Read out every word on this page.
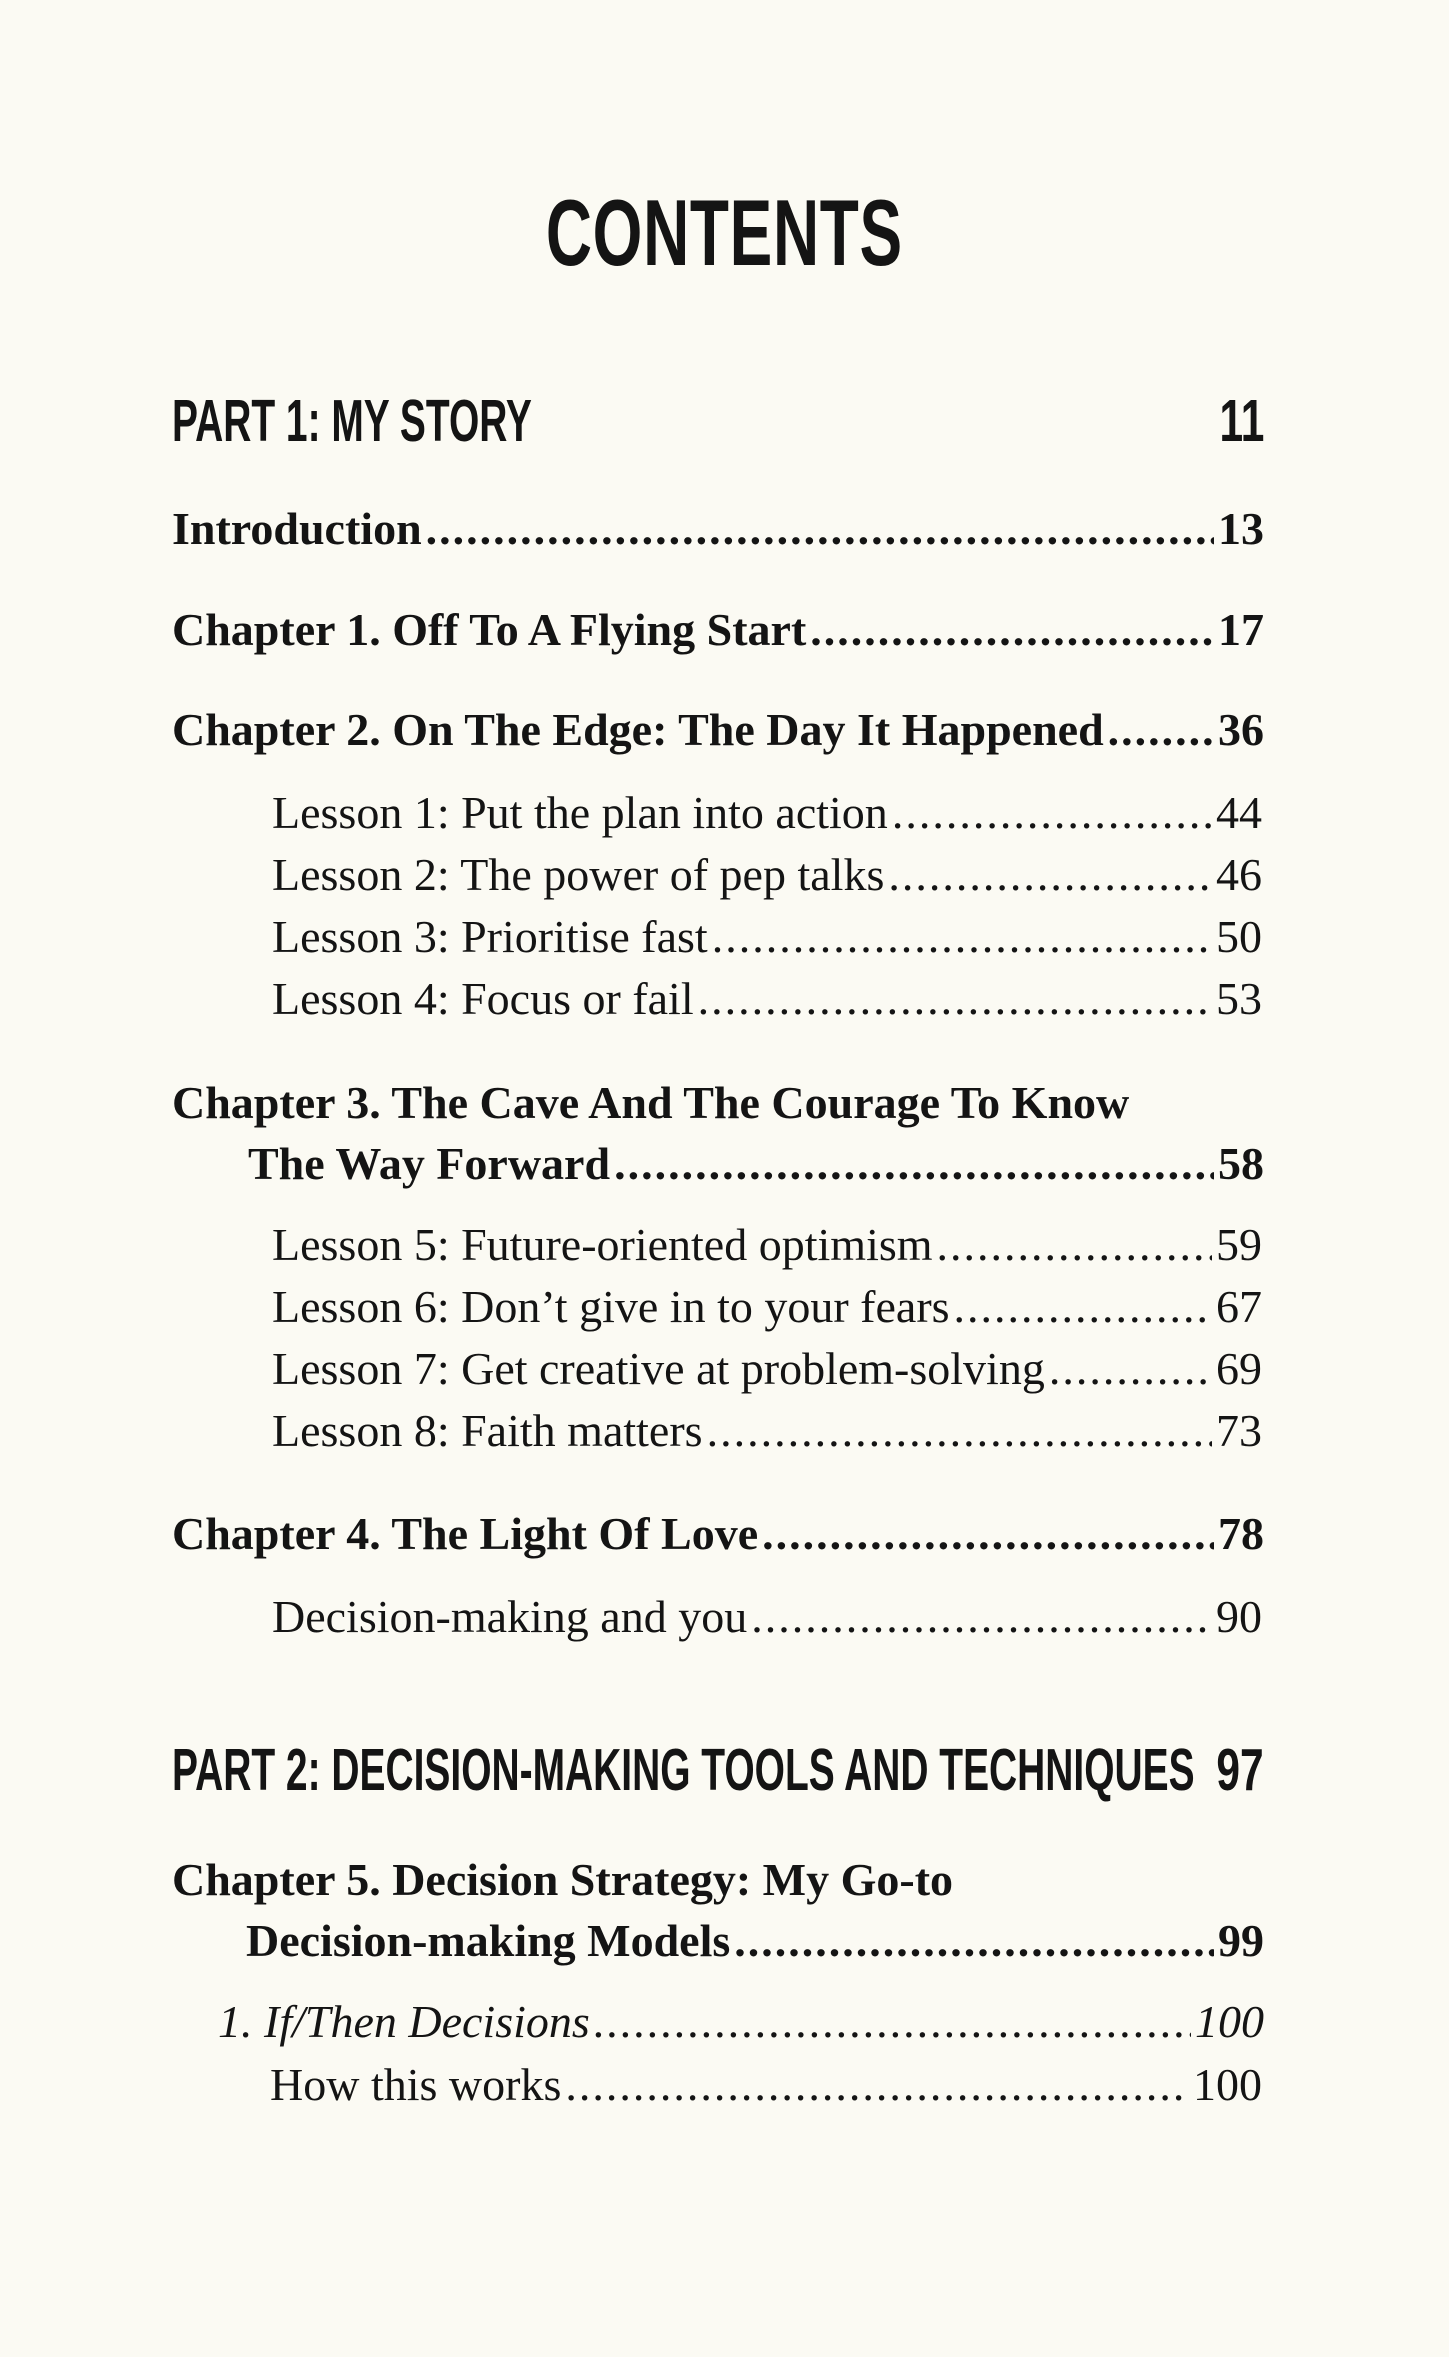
CONTENTS
PART 1: MY STORY	11
Introduction .....	13
Chapter 1. Off To A Flying Start .....	17
Chapter 2. On The Edge: The Day It Happened ..... 36
Lesson 1: Put the plan into action .....	44
Lesson 2: The power of pep talks .....	46
Lesson 3: Prioritise fast .....	50
Lesson 4: Focus or fail .....	53
Chapter 3. The Cave And The Courage To Know
The Way Forward .....	58
Lesson 5: Future-oriented optimism .....	59
Lesson 6: Don’t give in to your fears .....	67
Lesson 7: Get creative at problem-solving .....	69
Lesson 8: Faith matters .....	73
Chapter 4. The Light Of Love .....	78
Decision-making and you .....	90
PART 2: DECISION-MAKING TOOLS AND TECHNIQUES 97
Chapter 5. Decision Strategy: My Go-to
Decision-making Models .....	99
1. If/Then Decisions .....	100
How this works .....	100
